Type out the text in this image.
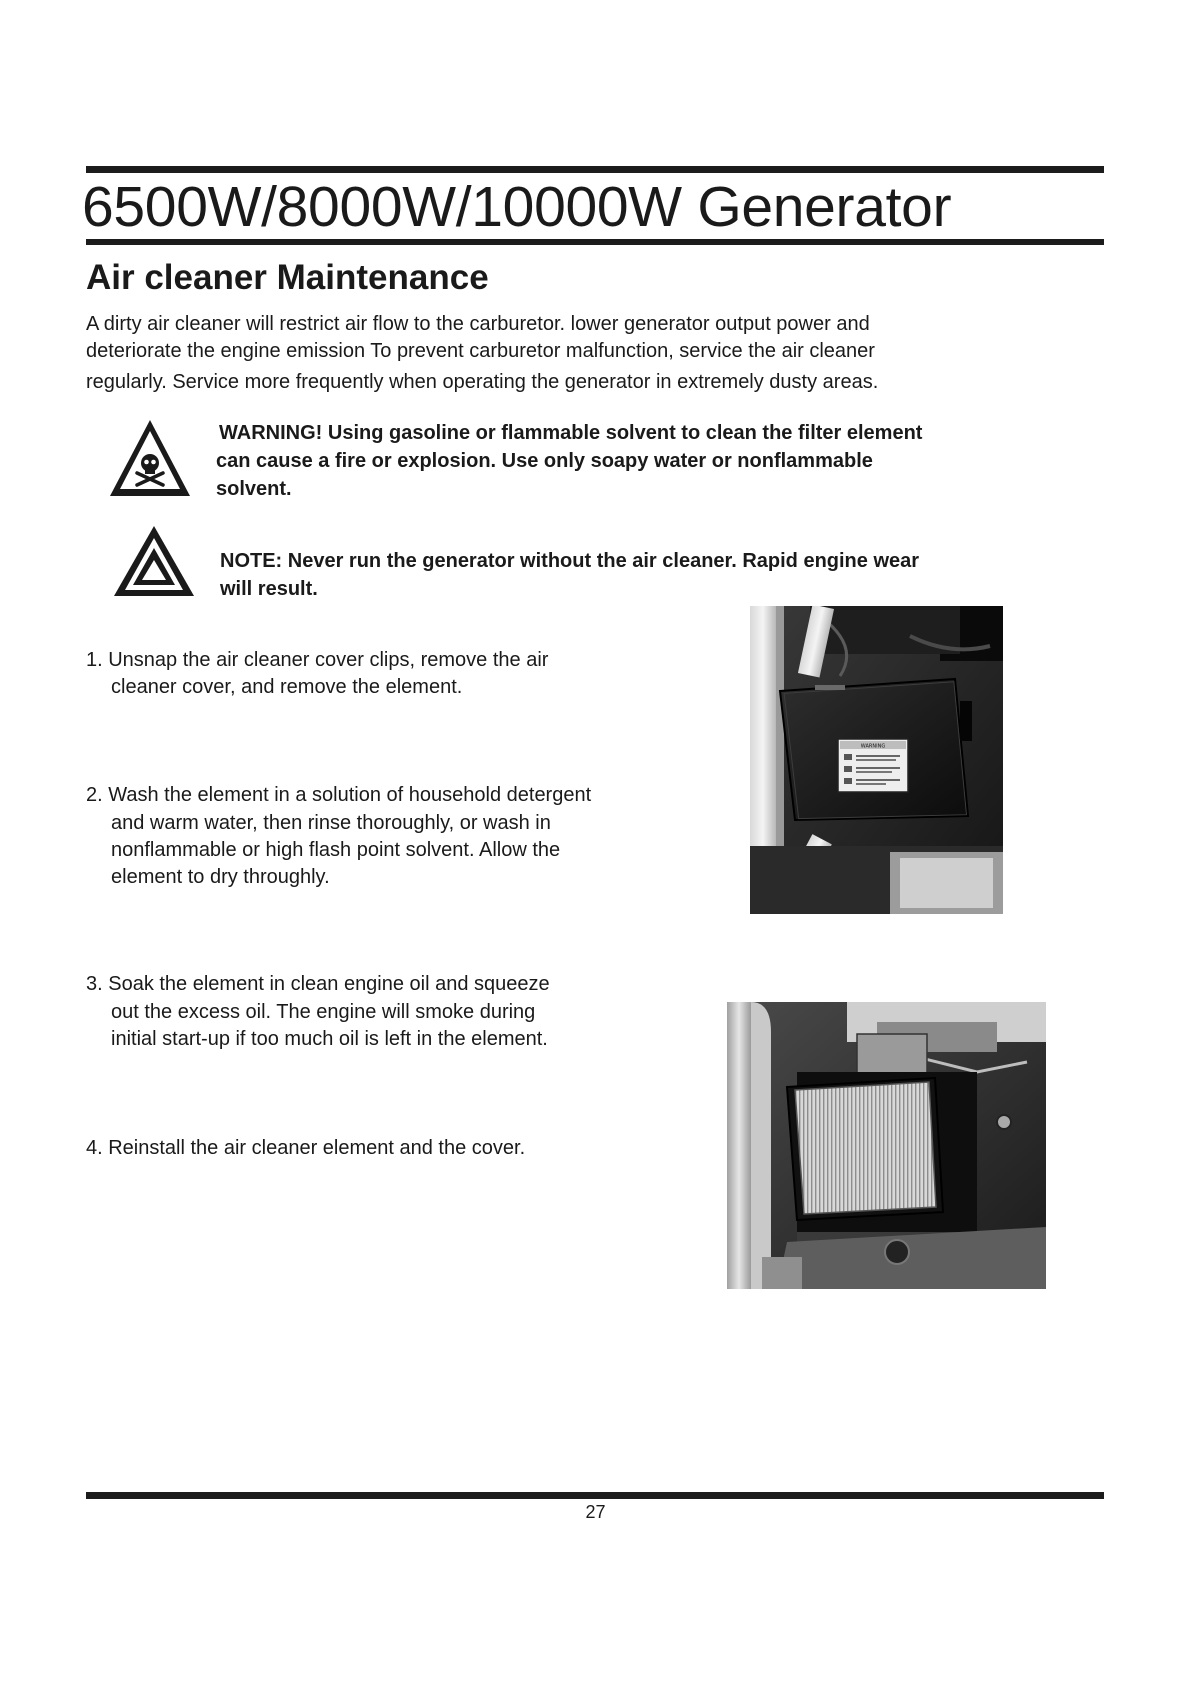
6500W/8000W/10000W Generator
Air cleaner Maintenance
A dirty air cleaner will restrict air flow to the carburetor. lower generator output power and
deteriorate the engine emission To prevent carburetor malfunction, service the air cleaner
regularly. Service more frequently when operating the generator in extremely dusty areas.
WARNING! Using gasoline or flammable solvent to clean the filter element
can cause a fire or explosion. Use only soapy water or nonflammable
solvent.
NOTE: Never run the generator without the air cleaner. Rapid engine wear
will result.
1. Unsnap the air cleaner cover clips, remove the air
cleaner cover, and remove the element.
2. Wash the element in a solution of household detergent
and warm water, then rinse thoroughly, or wash in
nonflammable or high flash point solvent. Allow the
element to dry throughly.
3. Soak the element in clean engine oil and squeeze
out the excess oil. The engine will smoke during
initial start-up if too much oil is left in the element.
4. Reinstall the air cleaner element and the cover.
WARNING
27
